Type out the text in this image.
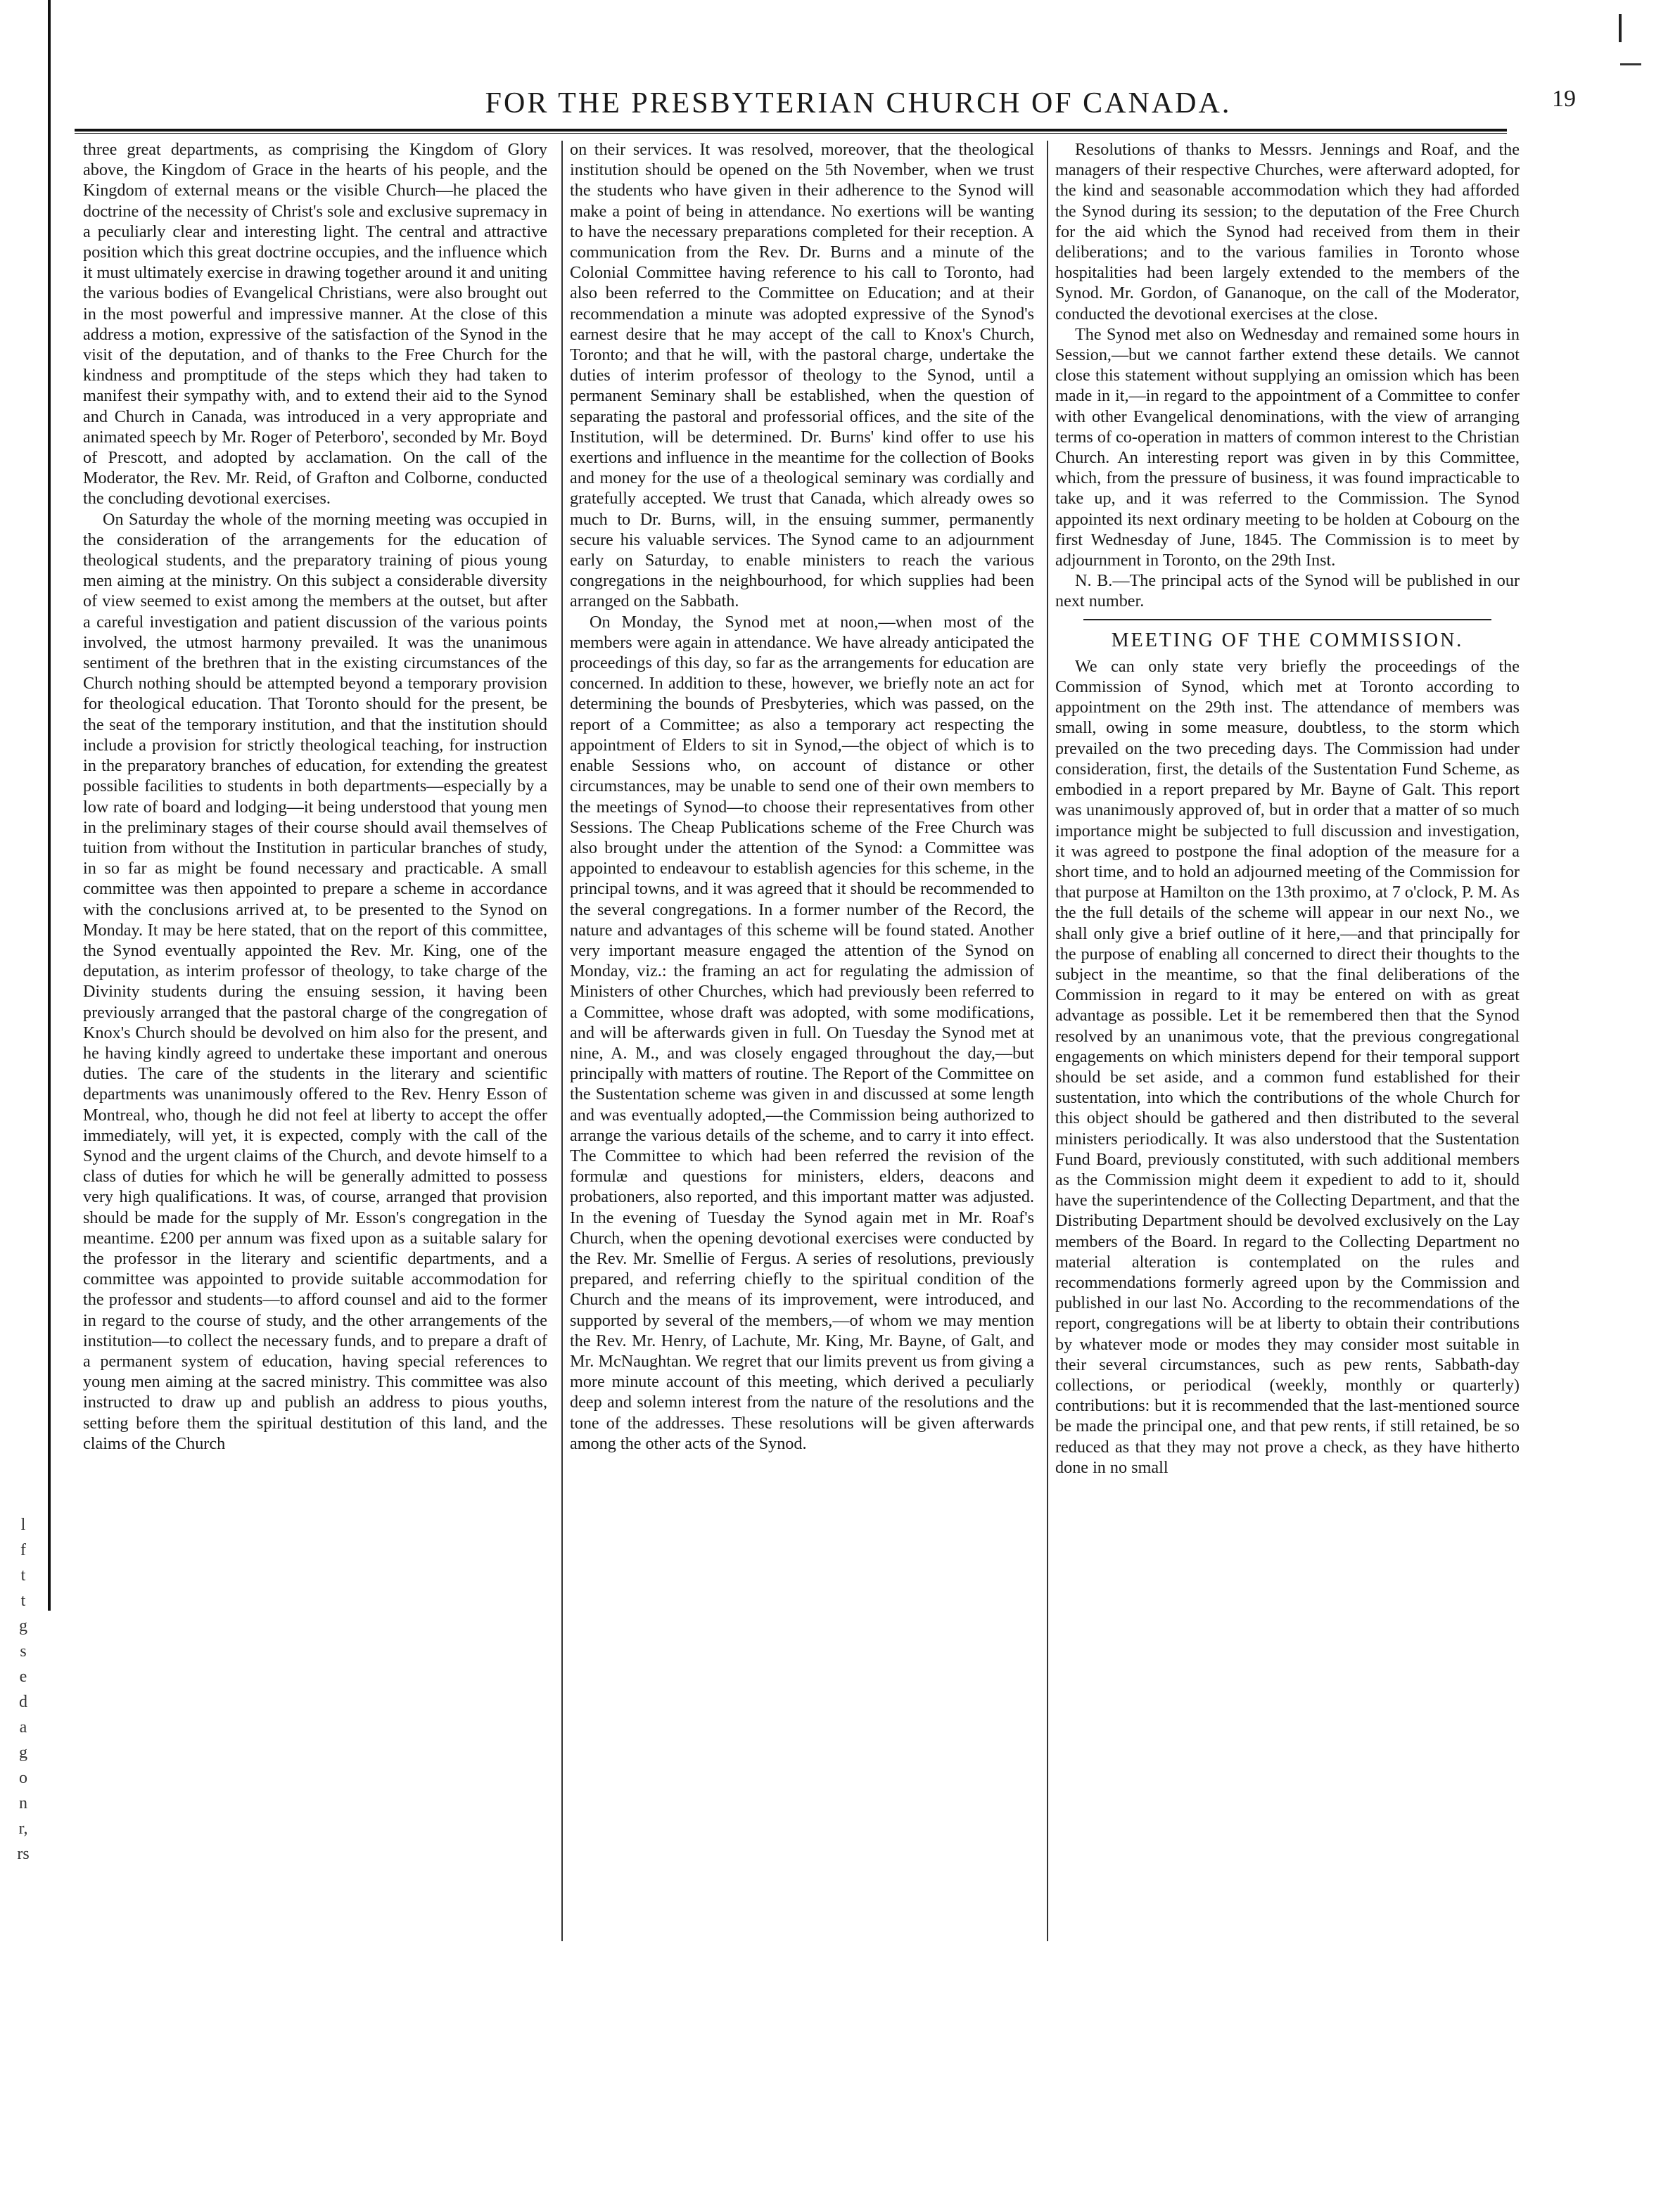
FOR THE PRESBYTERIAN CHURCH OF CANADA.	19

three great departments, as comprising the Kingdom of Glory above, the Kingdom of Grace in the hearts of his people, and the Kingdom of external means or the visible Church—he placed the doctrine of the necessity of Christ's sole and exclusive supremacy in a peculiarly clear and interesting light. The central and attractive position which this great doctrine occupies, and the influence which it must ultimately exercise in drawing together around it and uniting the various bodies of Evangelical Christians, were also brought out in the most powerful and impressive manner. At the close of this address a motion, expressive of the satisfaction of the Synod in the visit of the deputation, and of thanks to the Free Church for the kindness and promptitude of the steps which they had taken to manifest their sympathy with, and to extend their aid to the Synod and Church in Canada, was introduced in a very appropriate and animated speech by Mr. Roger of Peterboro', seconded by Mr. Boyd of Prescott, and adopted by acclamation. On the call of the Moderator, the Rev. Mr. Reid, of Grafton and Colborne, conducted the concluding devotional exercises.

On Saturday the whole of the morning meeting was occupied in the consideration of the arrangements for the education of theological students, and the preparatory training of pious young men aiming at the ministry. On this subject a considerable diversity of view seemed to exist among the members at the outset, but after a careful investigation and patient discussion of the various points involved, the utmost harmony prevailed. It was the unanimous sentiment of the brethren that in the existing circumstances of the Church nothing should be attempted beyond a temporary provision for theological education. That Toronto should for the present, be the seat of the temporary institution, and that the institution should include a provision for strictly theological teaching, for instruction in the preparatory branches of education, for extending the greatest possible facilities to students in both departments—especially by a low rate of board and lodging—it being understood that young men in the preliminary stages of their course should avail themselves of tuition from without the Institution in particular branches of study, in so far as might be found necessary and practicable. A small committee was then appointed to prepare a scheme in accordance with the conclusions arrived at, to be presented to the Synod on Monday. It may be here stated, that on the report of this committee, the Synod eventually appointed the Rev. Mr. King, one of the deputation, as interim professor of theology, to take charge of the Divinity students during the ensuing session, it having been previously arranged that the pastoral charge of the congregation of Knox's Church should be devolved on him also for the present, and he having kindly agreed to undertake these important and onerous duties. The care of the students in the literary and scientific departments was unanimously offered to the Rev. Henry Esson of Montreal, who, though he did not feel at liberty to accept the offer immediately, will yet, it is expected, comply with the call of the Synod and the urgent claims of the Church, and devote himself to a class of duties for which he will be generally admitted to possess very high qualifications. It was, of course, arranged that provision should be made for the supply of Mr. Esson's congregation in the meantime. £200 per annum was fixed upon as a suitable salary for the professor in the literary and scientific departments, and a committee was appointed to provide suitable accommodation for the professor and students—to afford counsel and aid to the former in regard to the course of study, and the other arrangements of the institution—to collect the necessary funds, and to prepare a draft of a permanent system of education, having special references to young men aiming at the sacred ministry. This committee was also instructed to draw up and publish an address to pious youths, setting before them the spiritual destitution of this land, and the claims of the Church

on their services. It was resolved, moreover, that the theological institution should be opened on the 5th November, when we trust the students who have given in their adherence to the Synod will make a point of being in attendance. No exertions will be wanting to have the necessary preparations completed for their reception. A communication from the Rev. Dr. Burns and a minute of the Colonial Committee having reference to his call to Toronto, had also been referred to the Committee on Education; and at their recommendation a minute was adopted expressive of the Synod's earnest desire that he may accept of the call to Knox's Church, Toronto; and that he will, with the pastoral charge, undertake the duties of interim professor of theology to the Synod, until a permanent Seminary shall be established, when the question of separating the pastoral and professorial offices, and the site of the Institution, will be determined. Dr. Burns' kind offer to use his exertions and influence in the meantime for the collection of Books and money for the use of a theological seminary was cordially and gratefully accepted. We trust that Canada, which already owes so much to Dr. Burns, will, in the ensuing summer, permanently secure his valuable services. The Synod came to an adjournment early on Saturday, to enable ministers to reach the various congregations in the neighbourhood, for which supplies had been arranged on the Sabbath.

On Monday, the Synod met at noon,—when most of the members were again in attendance. We have already anticipated the proceedings of this day, so far as the arrangements for education are concerned. In addition to these, however, we briefly note an act for determining the bounds of Presbyteries, which was passed, on the report of a Committee; as also a temporary act respecting the appointment of Elders to sit in Synod,—the object of which is to enable Sessions who, on account of distance or other circumstances, may be unable to send one of their own members to the meetings of Synod—to choose their representatives from other Sessions. The Cheap Publications scheme of the Free Church was also brought under the attention of the Synod: a Committee was appointed to endeavour to establish agencies for this scheme, in the principal towns, and it was agreed that it should be recommended to the several congregations. In a former number of the Record, the nature and advantages of this scheme will be found stated. Another very important measure engaged the attention of the Synod on Monday, viz.: the framing an act for regulating the admission of Ministers of other Churches, which had previously been referred to a Committee, whose draft was adopted, with some modifications, and will be afterwards given in full. On Tuesday the Synod met at nine, A. M., and was closely engaged throughout the day,—but principally with matters of routine. The Report of the Committee on the Sustentation scheme was given in and discussed at some length and was eventually adopted,—the Commission being authorized to arrange the various details of the scheme, and to carry it into effect. The Committee to which had been referred the revision of the formulæ and questions for ministers, elders, deacons and probationers, also reported, and this important matter was adjusted. In the evening of Tuesday the Synod again met in Mr. Roaf's Church, when the opening devotional exercises were conducted by the Rev. Mr. Smellie of Fergus. A series of resolutions, previously prepared, and referring chiefly to the spiritual condition of the Church and the means of its improvement, were introduced, and supported by several of the members,—of whom we may mention the Rev. Mr. Henry, of Lachute, Mr. King, Mr. Bayne, of Galt, and Mr. McNaughtan. We regret that our limits prevent us from giving a more minute account of this meeting, which derived a peculiarly deep and solemn interest from the nature of the resolutions and the tone of the addresses. These resolutions will be given afterwards among the other acts of the Synod.

Resolutions of thanks to Messrs. Jennings and Roaf, and the managers of their respective Churches, were afterward adopted, for the kind and seasonable accommodation which they had afforded the Synod during its session; to the deputation of the Free Church for the aid which the Synod had received from them in their deliberations; and to the various families in Toronto whose hospitalities had been largely extended to the members of the Synod. Mr. Gordon, of Gananoque, on the call of the Moderator, conducted the devotional exercises at the close.

The Synod met also on Wednesday and remained some hours in Session,—but we cannot farther extend these details. We cannot close this statement without supplying an omission which has been made in it,—in regard to the appointment of a Committee to confer with other Evangelical denominations, with the view of arranging terms of co-operation in matters of common interest to the Christian Church. An interesting report was given in by this Committee, which, from the pressure of business, it was found impracticable to take up, and it was referred to the Commission. The Synod appointed its next ordinary meeting to be holden at Cobourg on the first Wednesday of June, 1845. The Commission is to meet by adjournment in Toronto, on the 29th Inst.

N. B.—The principal acts of the Synod will be published in our next number.

MEETING OF THE COMMISSION.

We can only state very briefly the proceedings of the Commission of Synod, which met at Toronto according to appointment on the 29th inst. The attendance of members was small, owing in some measure, doubtless, to the storm which prevailed on the two preceding days. The Commission had under consideration, first, the details of the Sustentation Fund Scheme, as embodied in a report prepared by Mr. Bayne of Galt. This report was unanimously approved of, but in order that a matter of so much importance might be subjected to full discussion and investigation, it was agreed to postpone the final adoption of the measure for a short time, and to hold an adjourned meeting of the Commission for that purpose at Hamilton on the 13th proximo, at 7 o'clock, P. M. As the the full details of the scheme will appear in our next No., we shall only give a brief outline of it here,—and that principally for the purpose of enabling all concerned to direct their thoughts to the subject in the meantime, so that the final deliberations of the Commission in regard to it may be entered on with as great advantage as possible. Let it be remembered then that the Synod resolved by an unanimous vote, that the previous congregational engagements on which ministers depend for their temporal support should be set aside, and a common fund established for their sustentation, into which the contributions of the whole Church for this object should be gathered and then distributed to the several ministers periodically. It was also understood that the Sustentation Fund Board, previously constituted, with such additional members as the Commission might deem it expedient to add to it, should have the superintendence of the Collecting Department, and that the Distributing Department should be devolved exclusively on the Lay members of the Board. In regard to the Collecting Department no material alteration is contemplated on the rules and recommendations formerly agreed upon by the Commission and published in our last No. According to the recommendations of the report, congregations will be at liberty to obtain their contributions by whatever mode or modes they may consider most suitable in their several circumstances, such as pew rents, Sabbath-day collections, or periodical (weekly, monthly or quarterly) contributions: but it is recommended that the last-mentioned source be made the principal one, and that pew rents, if still retained, be so reduced as that they may not prove a check, as they have hitherto done in no small

l
f
t
t
g
s
e
d
a
g
o
n
r,
rs
